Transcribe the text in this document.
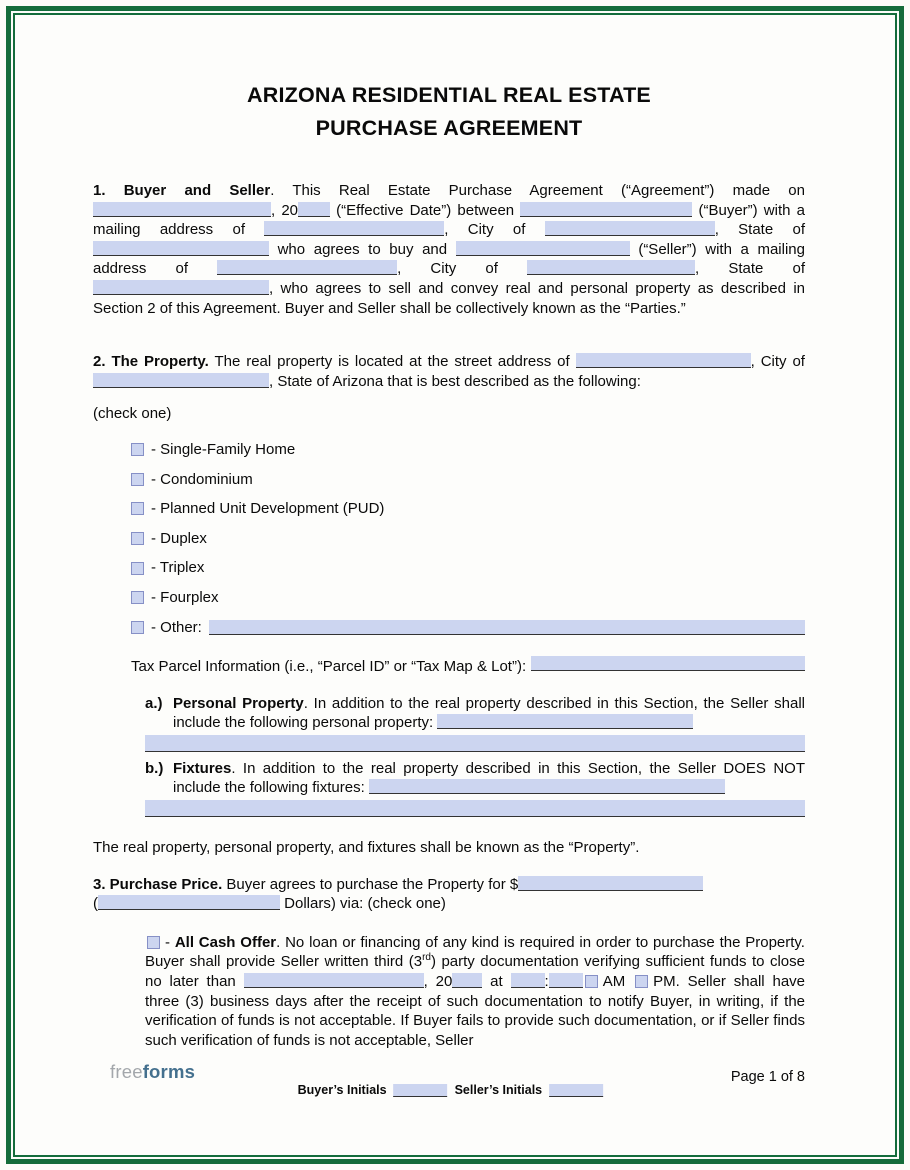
ARIZONA RESIDENTIAL REAL ESTATE
PURCHASE AGREEMENT

1. Buyer and Seller. This Real Estate Purchase Agreement (“Agreement”) made on , 20 (“Effective Date”) between	(“Buyer”) with a mailing address of	, City of	, State of  who agrees to buy and	(“Seller”) with a mailing address of	, City of	, State of , who agrees to sell and convey real and personal property as described in Section 2 of this Agreement. Buyer and Seller shall be collectively known as the “Parties.”

2. The Property. The real property is located at the street address of	, City of , State of Arizona that is best described as the following:

(check one)
- Single-Family Home
- Condominium
- Planned Unit Development (PUD)
- Duplex
- Triplex
- Fourplex
- Other:
Tax Parcel Information (i.e., “Parcel ID” or “Tax Map & Lot”):
a.) Personal Property. In addition to the real property described in this Section, the Seller shall include the following personal property:

b.) Fixtures. In addition to the real property described in this Section, the Seller DOES NOT include the following fixtures:

The real property, personal property, and fixtures shall be known as the “Property”.

3. Purchase Price. Buyer agrees to purchase the Property for $
(	Dollars) via: (check one)

- All Cash Offer. No loan or financing of any kind is required in order to purchase the Property. Buyer shall provide Seller written third (3rd) party documentation verifying sufficient funds to close no later than	, 20 at :	AM PM. Seller shall have three (3) business days after the receipt of such documentation to notify Buyer, in writing, if the verification of funds is not acceptable. If Buyer fails to provide such documentation, or if Seller finds such verification of funds is not acceptable, Seller
freeforms
Buyer’s Initials	Seller’s Initials
Page 1 of 8
